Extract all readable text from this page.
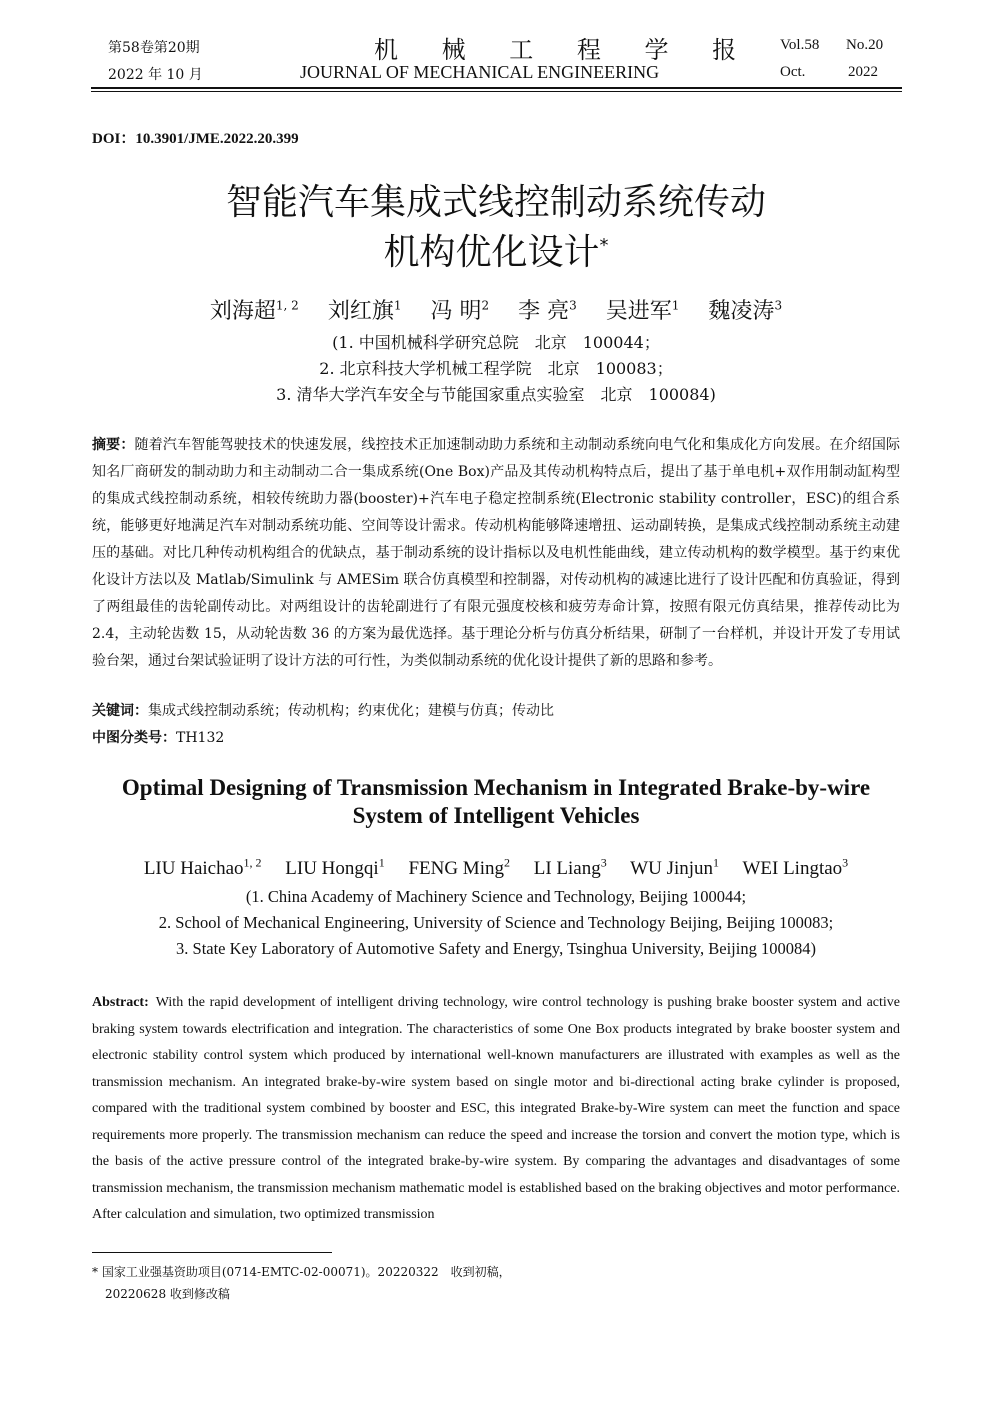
第58卷第20期
2022 年 10 月
机 械 工 程 学 报
JOURNAL OF MECHANICAL ENGINEERING
Vol.58 No.20
Oct.	2022
DOI：10.3901/JME.2022.20.399
智能汽车集成式线控制动系统传动
机构优化设计*
刘海超$^{1, 2}$  刘红旗$^1$  冯 明$^2$  李 亮$^3$  吴进军$^1$  魏凌涛$^3$
(1. 中国机械科学研究总院　北京　100044；
2. 北京科技大学机械工程学院　北京　100083；
3. 清华大学汽车安全与节能国家重点实验室　北京　100084)
摘要：随着汽车智能驾驶技术的快速发展，线控技术正加速制动助力系统和主动制动系统向电气化和集成化方向发展。在介绍国际知名厂商研发的制动助力和主动制动二合一集成系统(One Box)产品及其传动机构特点后，提出了基于单电机+双作用制动缸构型的集成式线控制动系统，相较传统助力器(booster)+汽车电子稳定控制系统(Electronic stability controller，ESC)的组合系统，能够更好地满足汽车对制动系统功能、空间等设计需求。传动机构能够降速增扭、运动副转换，是集成式线控制动系统主动建压的基础。对比几种传动机构组合的优缺点，基于制动系统的设计指标以及电机性能曲线，建立传动机构的数学模型。基于约束优化设计方法以及 Matlab/Simulink 与 AMESim 联合仿真模型和控制器，对传动机构的减速比进行了设计匹配和仿真验证，得到了两组最佳的齿轮副传动比。对两组设计的齿轮副进行了有限元强度校核和疲劳寿命计算，按照有限元仿真结果，推荐传动比为 2.4，主动轮齿数 15，从动轮齿数 36 的方案为最优选择。基于理论分析与仿真分析结果，研制了一台样机，并设计开发了专用试验台架，通过台架试验证明了设计方法的可行性，为类似制动系统的优化设计提供了新的思路和参考。
关键词：集成式线控制动系统；传动机构；约束优化；建模与仿真；传动比
中图分类号：TH132
Optimal Designing of Transmission Mechanism in Integrated Brake-by-wire
System of Intelligent Vehicles
LIU Haichao$^{1, 2}$   LIU Hongqi$^1$   FENG Ming$^2$   LI Liang$^3$   WU Jinjun$^1$   WEI Lingtao$^3$
(1. China Academy of Machinery Science and Technology, Beijing 100044;
2. School of Mechanical Engineering, University of Science and Technology Beijing, Beijing 100083;
3. State Key Laboratory of Automotive Safety and Energy, Tsinghua University, Beijing 100084)
Abstract:  With the rapid development of intelligent driving technology, wire control technology is pushing brake booster system and active braking system towards electrification and integration. The characteristics of some One Box products integrated by brake booster system and electronic stability control system which produced by international well-known manufacturers are illustrated with examples as well as the transmission mechanism. An integrated brake-by-wire system based on single motor and bi-directional acting brake cylinder is proposed, compared with the traditional system combined by booster and ESC, this integrated Brake-by-Wire system can meet the function and space requirements more properly. The transmission mechanism can reduce the speed and increase the torsion and convert the motion type, which is the basis of the active pressure control of the integrated brake-by-wire system. By comparing the advantages and disadvantages of some transmission mechanism, the transmission mechanism mathematic model is established based on the braking objectives and motor performance. After calculation and simulation, two optimized transmission
* 国家工业强基资助项目(0714-EMTC-02-00071)。20220322　收到初稿，
20220628 收到修改稿
